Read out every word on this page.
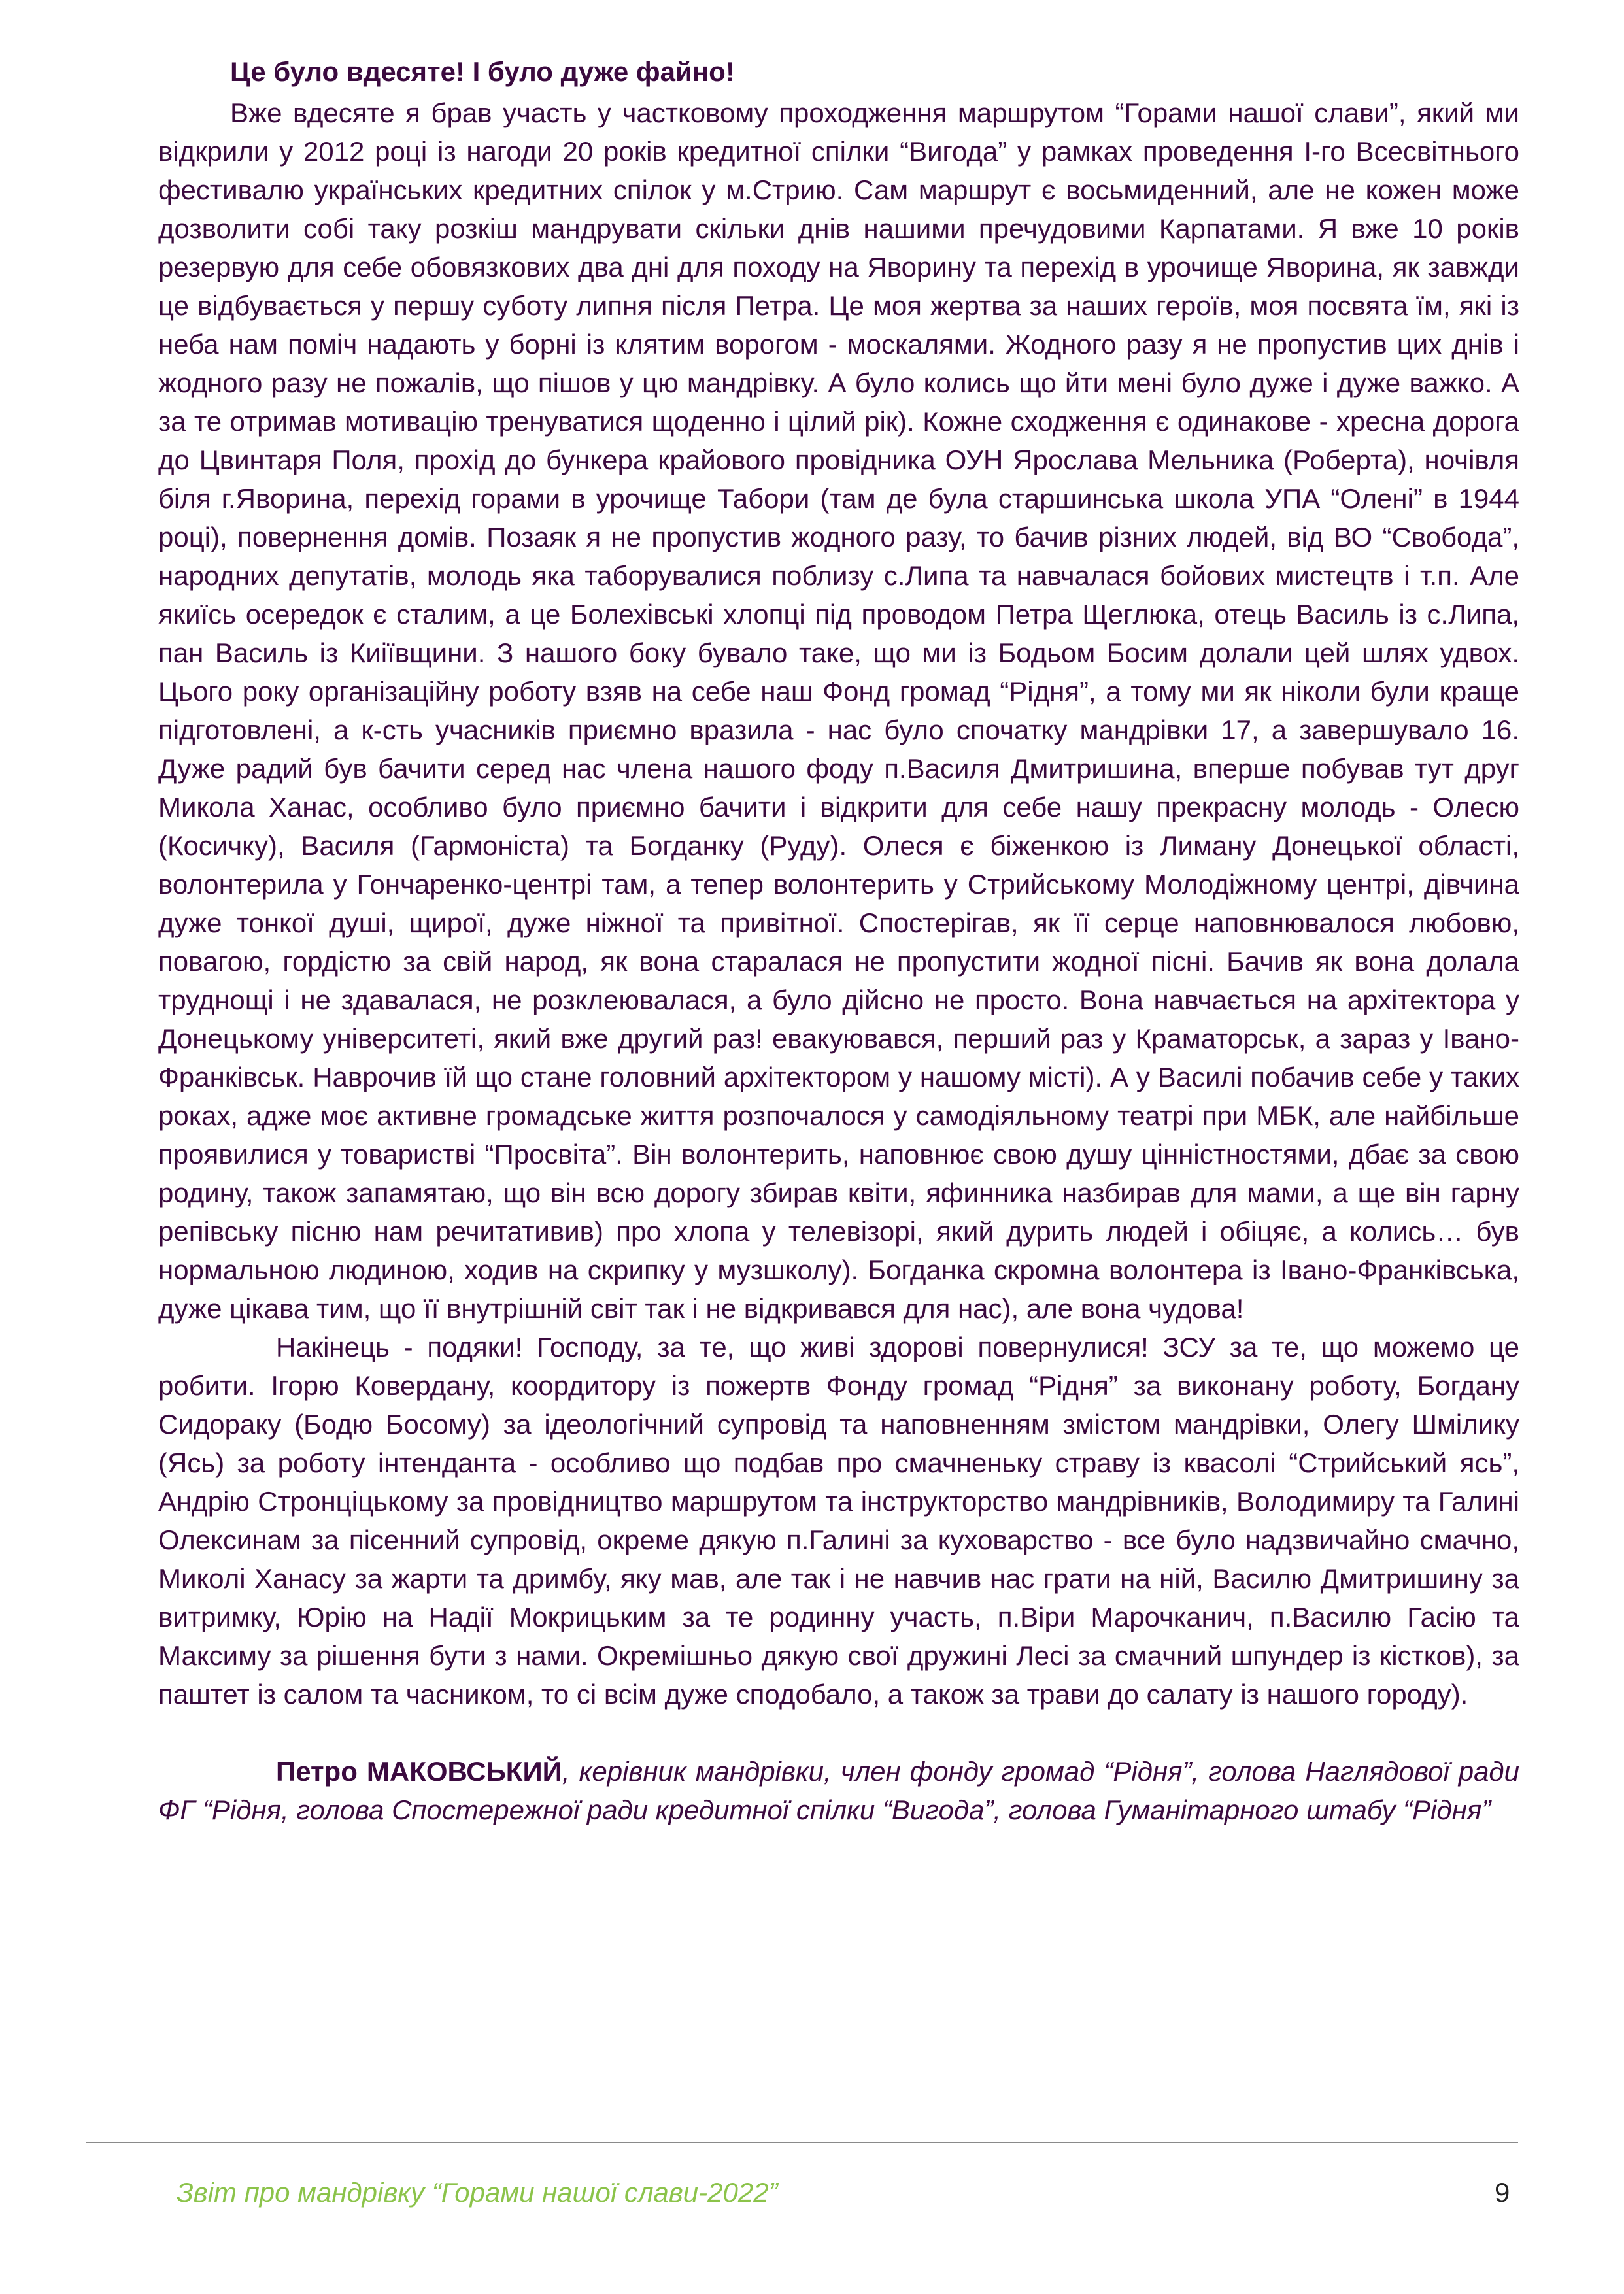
Це було вдесяте! І було дуже файно!

Вже вдесяте я брав участь у частковому проходження маршрутом “Горами нашої слави”, який ми відкрили у 2012 році із нагоди 20 років кредитної спілки “Вигода” у рамках проведення І-го Всесвітнього фестивалю українських кредитних спілок у м.Стрию. Сам маршрут є восьмиденний, але не кожен може дозволити собі таку розкіш мандрувати скільки днів нашими пречудовими Карпатами. Я вже 10 років резервую для себе обовязкових два дні для походу на Яворину та перехід в урочище Яворина, як завжди це відбувається у першу суботу липня після Петра. Це моя жертва за наших героїв, моя посвята їм, які із неба нам поміч надають у борні із клятим ворогом - москалями. Жодного разу я не пропустив цих днів і жодного разу не пожалів, що пішов у цю мандрівку. А було колись що йти мені було дуже і дуже важко. А за те отримав мотивацію тренуватися щоденно і цілий рік). Кожне сходження є одинакове - хресна дорога до Цвинтаря Поля, прохід до бункера крайового провідника ОУН Ярослава Мельника (Роберта), ночівля біля г.Яворина, перехід горами в урочище Табори (там де була старшинська школа УПА “Олені” в 1944 році), повернення домів. Позаяк я не пропустив жодного разу, то бачив різних людей, від ВО “Свобода”, народних депутатів, молодь яка таборувалися поблизу с.Липа та навчалася бойових мистецтв і т.п. Але якиїсь осередок є сталим, а це Болехівські хлопці під проводом Петра Щеглюка, отець Василь із с.Липа, пан Василь із Киіївщини. З нашого боку бувало таке, що ми із Бодьом Босим долали цей шлях удвох. Цього року організаційну роботу взяв на себе наш Фонд громад “Рідня”, а тому ми як ніколи були краще підготовлені, а к-сть учасників приємно вразила - нас було спочатку мандрівки 17, а завершувало 16. Дуже радий був бачити серед нас члена нашого фоду п.Василя Дмитришина, вперше побував тут друг Микола Ханас, особливо було приємно бачити і відкрити для себе нашу прекрасну молодь - Олесю (Косичку), Василя (Гармоніста) та Богданку (Руду). Олеся є біженкою із Лиману Донецької області, волонтерила у Гончаренко-центрі там, а тепер волонтерить у Стрийському Молодіжному центрі, дівчина дуже тонкої душі, щирої, дуже ніжної та привітної. Спостерігав, як її серце наповнювалося любовю, повагою, гордістю за свій народ, як вона старалася не пропустити жодної пісні. Бачив як вона долала труднощі і не здавалася, не розклеювалася, а було дійсно не просто. Вона навчається на архітектора у Донецькому університеті, який вже другий раз! евакуювався, перший раз у Краматорськ, а зараз у Івано-Франківськ. Наврочив їй що стане головний архітектором у нашому місті). А у Василі побачив себе у таких роках, адже моє активне громадське життя розпочалося у самодіяльному театрі при МБК, але найбільше проявилися у товаристві “Просвіта”. Він волонтерить, наповнює свою душу цінністностями, дбає за свою родину, також запамятаю, що він всю дорогу збирав квіти, яфинника назбирав для мами, а ще він гарну репівську пісню нам речитативив) про хлопа у телевізорі, який дурить людей і обіцяє, а колись… був нормальною людиною, ходив на скрипку у музшколу). Богданка скромна волонтера із Івано-Франківська, дуже цікава тим, що її внутрішній світ так і не відкривався для нас), але вона чудова!

Накінець - подяки! Господу, за те, що живі здорові повернулися! ЗСУ за те, що можемо це робити. Ігорю Ковердану, коордитору із пожертв Фонду громад “Рідня” за виконану роботу, Богдану Сидораку (Бодю Босому) за ідеологічний супровід та наповненням змістом мандрівки, Олегу Шмілику (Ясь) за роботу інтенданта - особливо що подбав про смачненьку страву із квасолі “Стрийський ясь”, Андрію Стронціцькому за провідництво маршрутом та інструкторство мандрівників, Володимиру та Галині Олексинам за пісенний супровід, окреме дякую п.Галині за куховарство - все було надзвичайно смачно, Миколі Ханасу за жарти та дримбу, яку мав, але так і не навчив нас грати на ній, Василю Дмитришину за витримку, Юрію на Надії Мокрицьким за те родинну участь, п.Віри Марочканич, п.Василю Гасію та Максиму за рішення бути з нами. Окремішньо дякую свої дружині Лесі за смачний шпундер із кістков), за паштет із салом та часником, то сі всім дуже сподобало, а також за трави до салату із нашого городу).

Петро МАКОВСЬКИЙ, керівник мандрівки, член фонду громад “Рідня”, голова Наглядової ради ФГ “Рідня, голова Спостережної ради кредитної спілки “Вигода”, голова Гуманітарного штабу “Рідня”

Звіт про мандрівку “Горами нашої слави-2022”	9
